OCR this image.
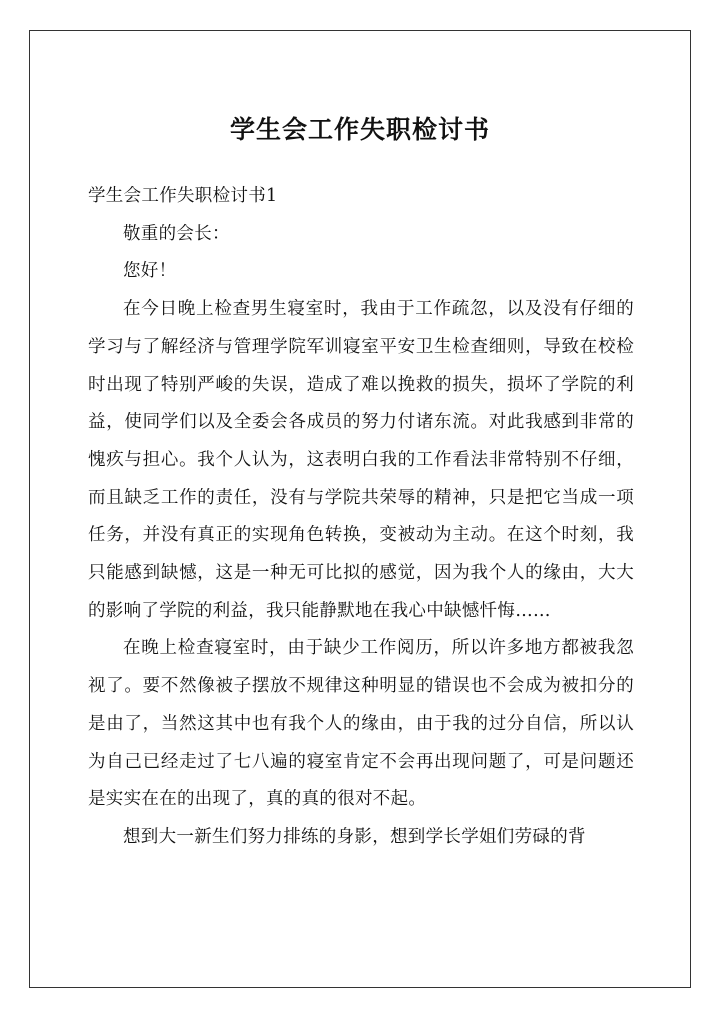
学生会工作失职检讨书

学生会工作失职检讨书1

敬重的会长：

您好！

在今日晚上检查男生寝室时，我由于工作疏忽，以及没有仔细的学习与了解经济与管理学院军训寝室平安卫生检查细则，导致在校检时出现了特别严峻的失误，造成了难以挽救的损失，损坏了学院的利益，使同学们以及全委会各成员的努力付诸东流。对此我感到非常的愧疚与担心。我个人认为，这表明白我的工作看法非常特别不仔细，而且缺乏工作的责任，没有与学院共荣辱的精神，只是把它当成一项任务，并没有真正的实现角色转换，变被动为主动。在这个时刻，我只能感到缺憾，这是一种无可比拟的感觉，因为我个人的缘由，大大的影响了学院的利益，我只能静默地在我心中缺憾忏悔……

在晚上检查寝室时，由于缺少工作阅历，所以许多地方都被我忽视了。要不然像被子摆放不规律这种明显的错误也不会成为被扣分的是由了，当然这其中也有我个人的缘由，由于我的过分自信，所以认为自己已经走过了七八遍的寝室肯定不会再出现问题了，可是问题还是实实在在的出现了，真的真的很对不起。

想到大一新生们努力排练的身影，想到学长学姐们劳碌的背
